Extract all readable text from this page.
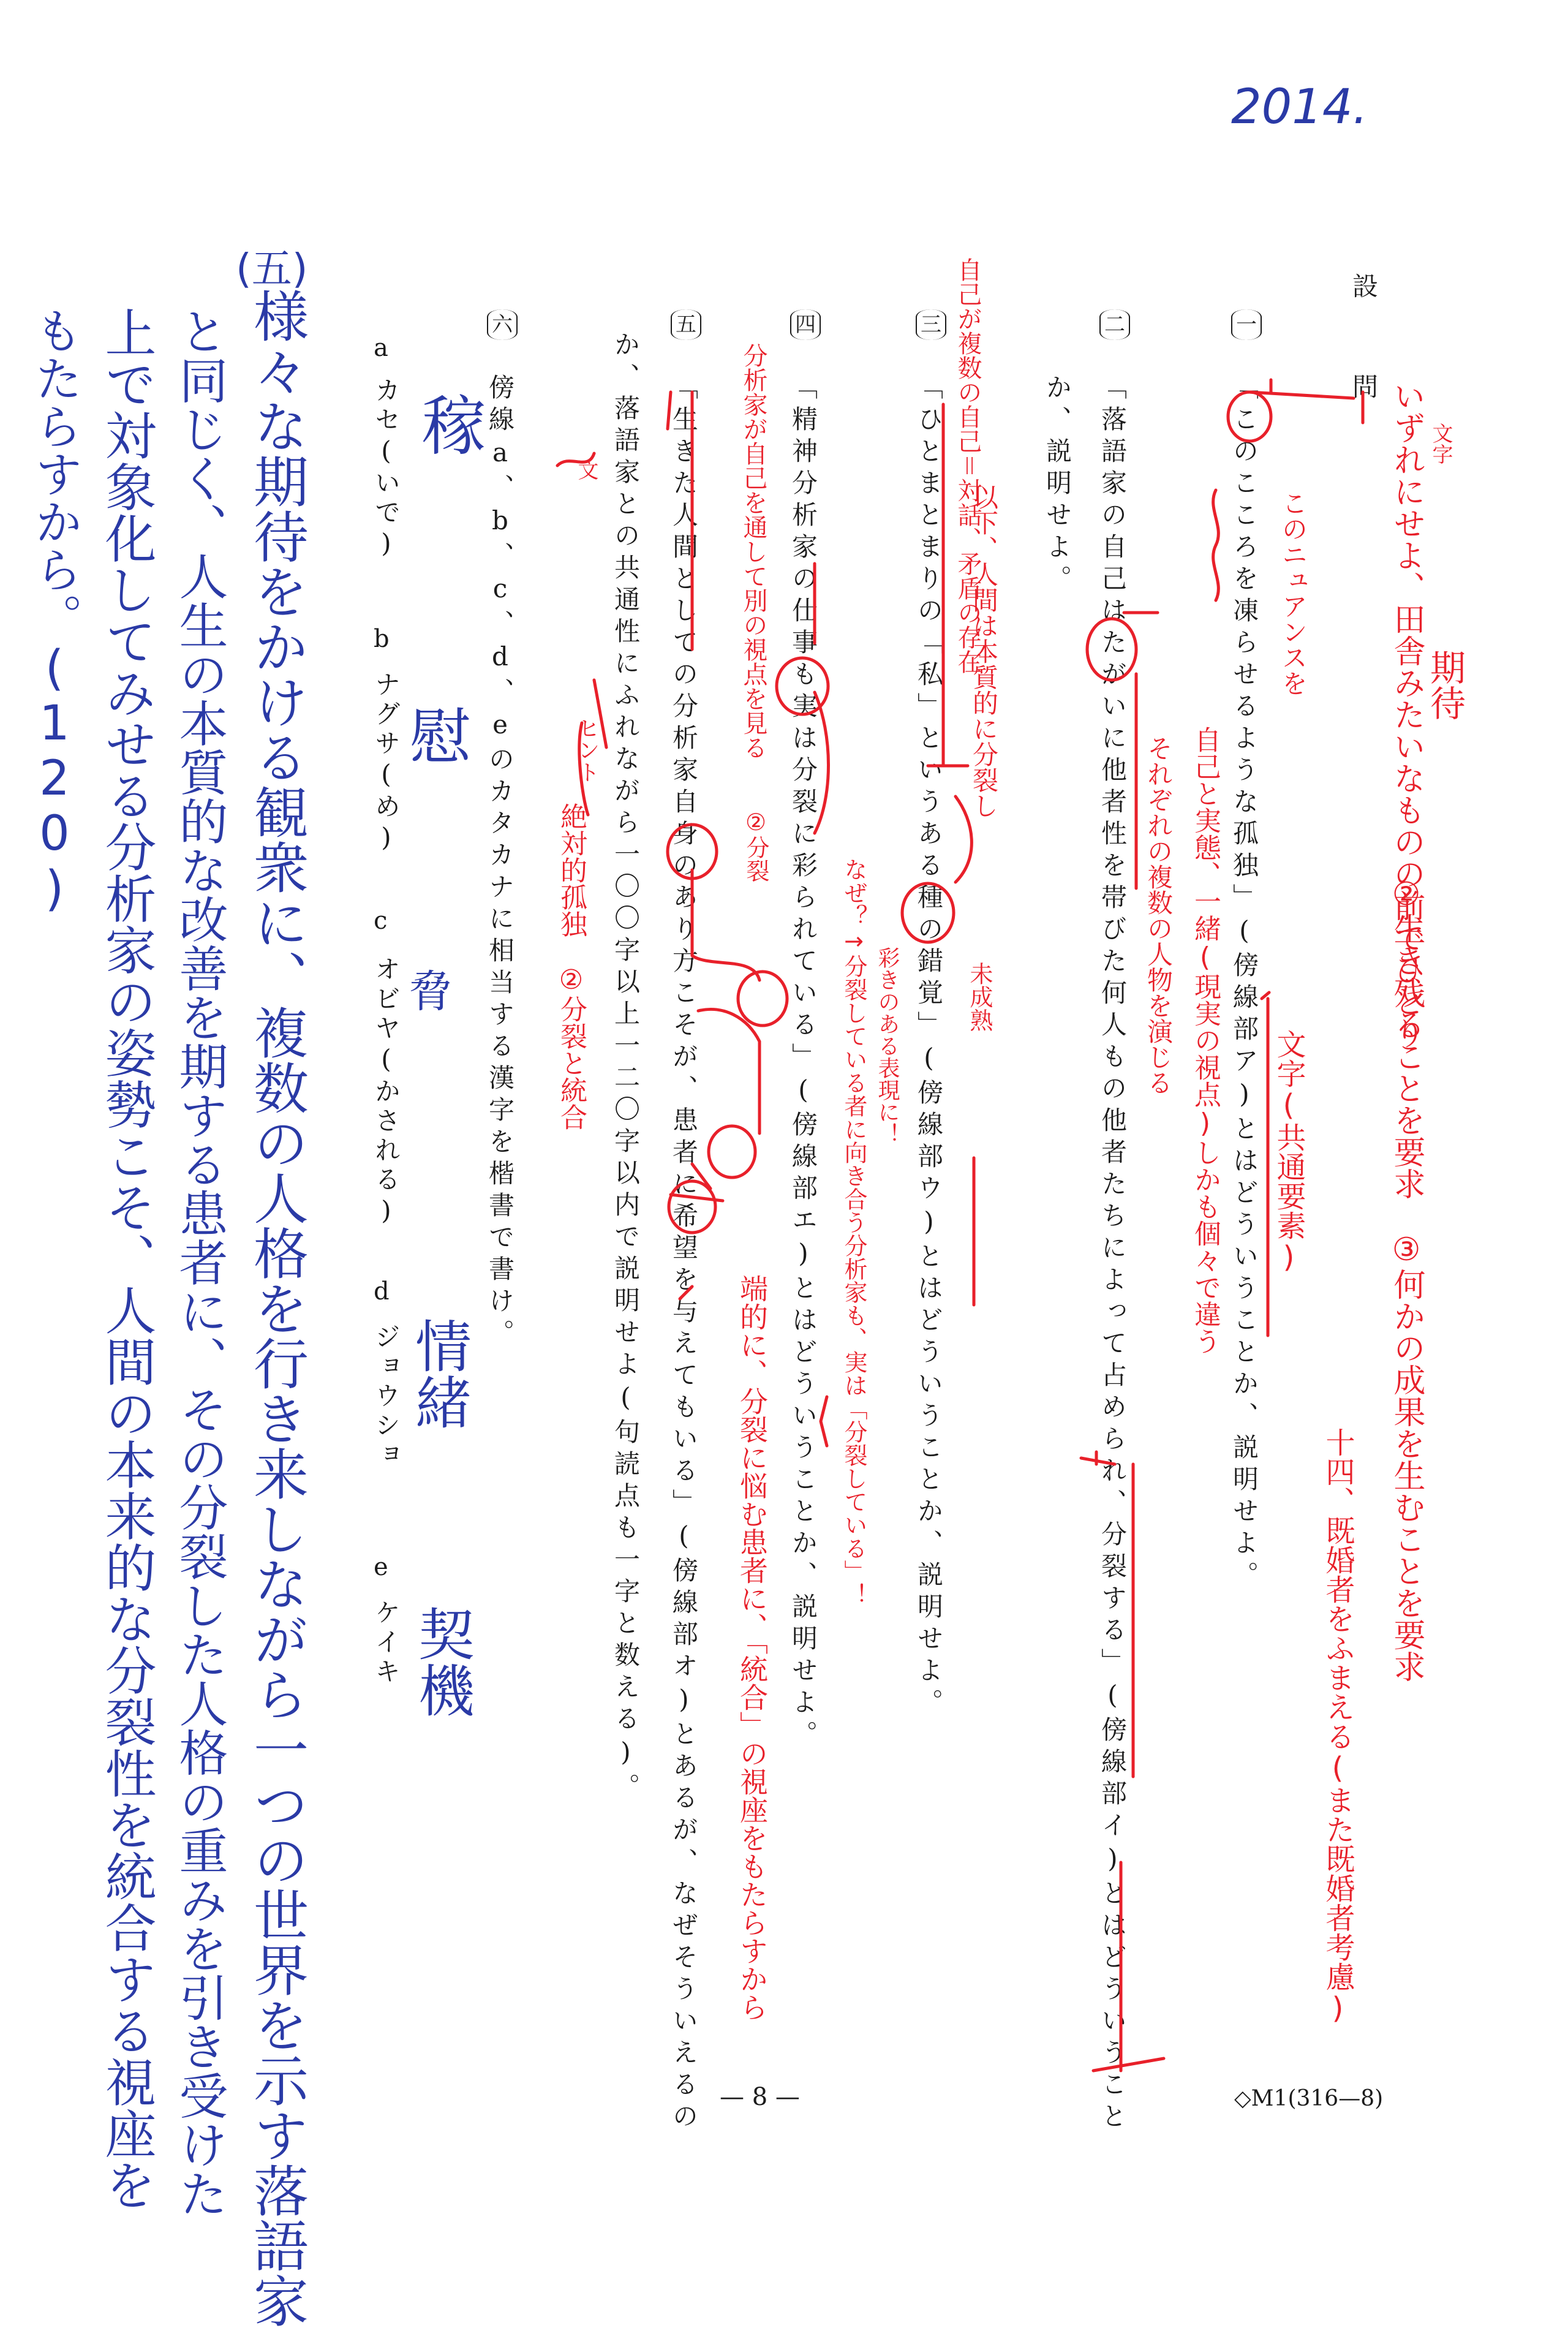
2014.
設　問
一
「このこころを凍らせるような孤独」(傍線部ア)とはどういうことか、説明せよ。
二
「落語家の自己はたがいに他者性を帯びた何人もの他者たちによって占められ、分裂する」(傍線部イ)とはどういうこと
か、説明せよ。
三
「ひとまとまりの「私」というある種の錯覚」(傍線部ウ)とはどういうことか、説明せよ。
四
「精神分析家の仕事も実は分裂に彩られている」(傍線部エ)とはどういうことか、説明せよ。
五
「生きた人間としての分析家自身のあり方こそが、患者に希望を与えてもいる」(傍線部オ)とあるが、なぜそういえるの
か、落語家との共通性にふれながら一〇〇字以上一二〇字以内で説明せよ(句読点も一字と数える)。
六
傍線a、b、c、d、eのカタカナに相当する漢字を楷書で書け。
a
カセ(いで)
b
ナグサ(め)
c
オビヤ(かされる)
d
ジョウショ
e
ケイキ
稼
慰
脅
情緒
契機
(五)
様々な期待をかける観衆に、複数の人格を行き来しながら一つの世界を示す落語家
と同じく、人生の本質的な改善を期する患者に、その分裂した人格の重みを引き受けた
上で対象化してみせる分析家の姿勢こそ、人間の本来的な分裂性を統合する視座を
もたらすから。(120)	いずれにせよ、田舎みたいなものの前でひとり
②生き残ることを要求　③何かの成果を生むことを要求
文字(共通要素)
十四、既婚者をふまえる(また既婚者考慮)
期待
文字
このニュアンスを
自己と実態、一緒(現実の視点)しかも個々で違う
それぞれの複数の人物を演じる
自己が複数の自己＝対話、矛盾の存在
以下、人間は本質的に分裂し
未成熟
彩きのある表現に！
なぜ？→分裂している者に向き合う分析家も、実は「分裂している」！
分析家が自己を通して別の視点を見る
②分裂
端的に、分裂に悩む患者に、「統合」の視座をもたらすから
ヒント
絶対的孤独　②分裂と統合
文
— 8 —	◇M1(316—8)
